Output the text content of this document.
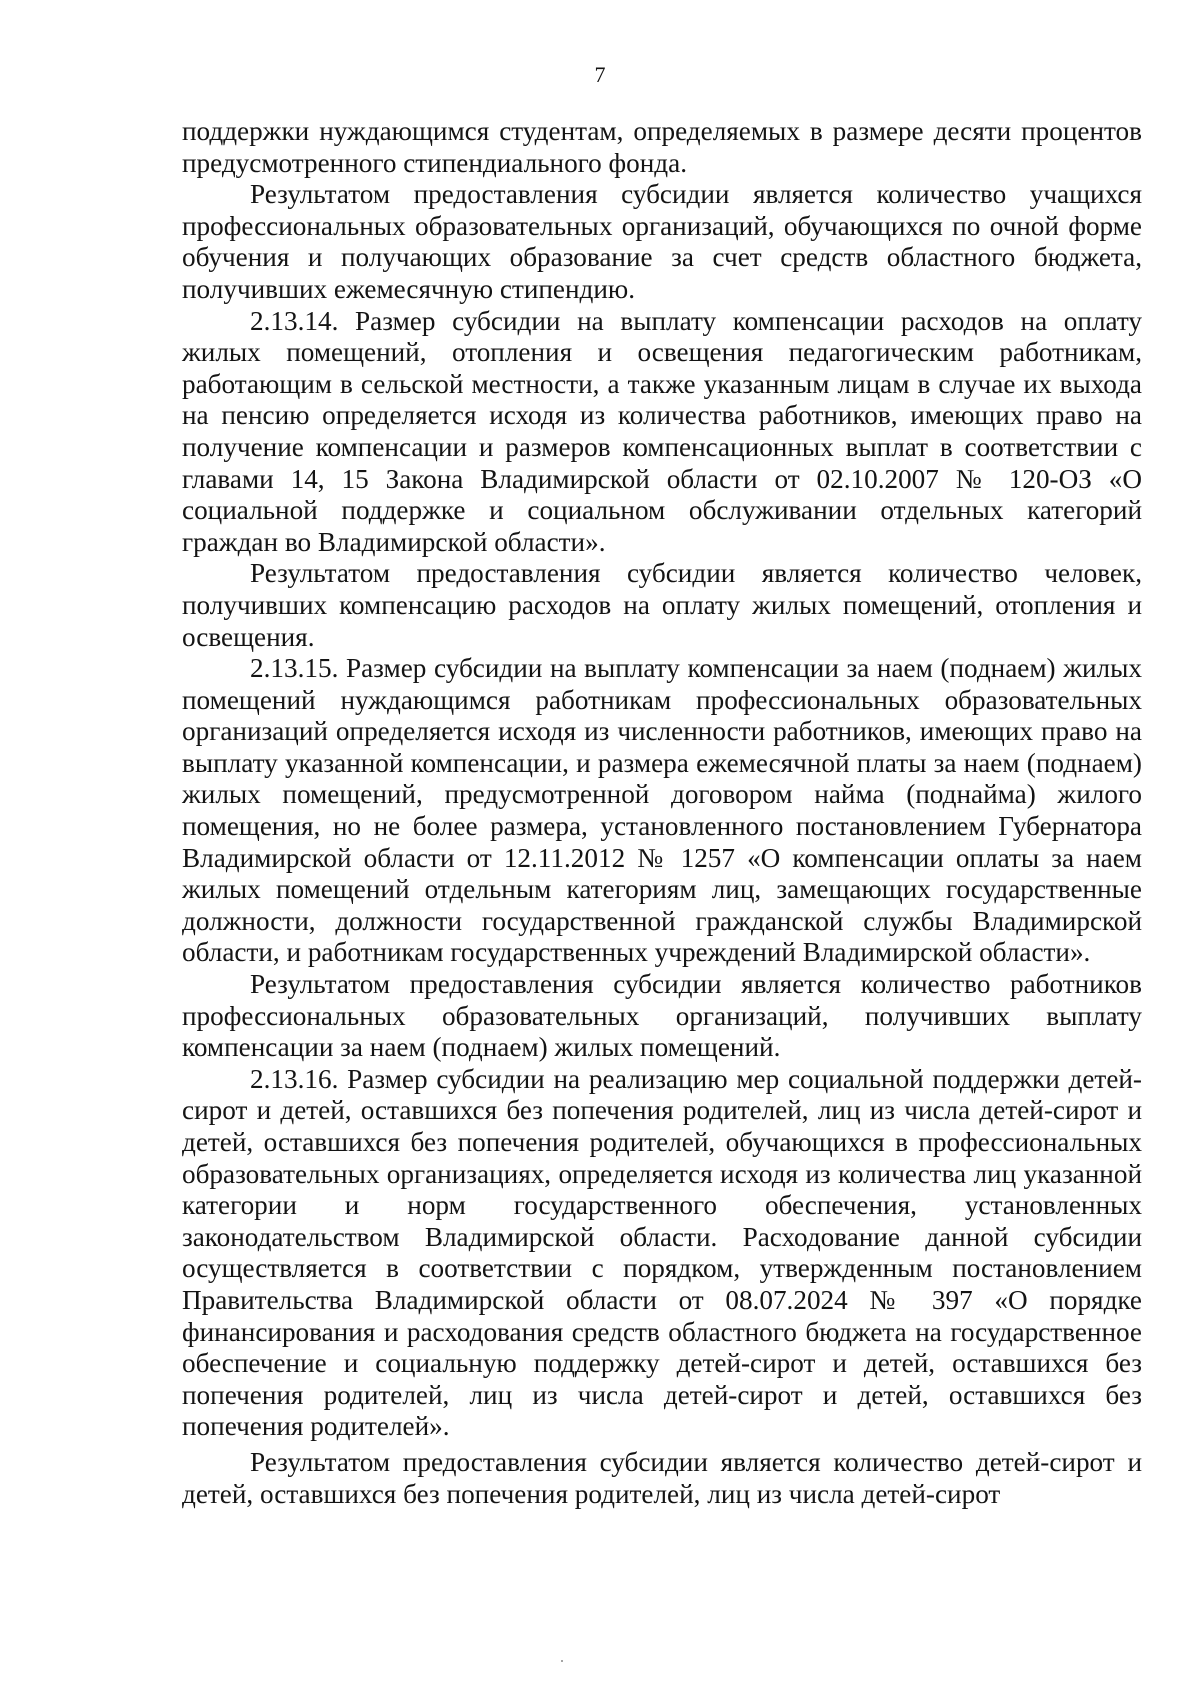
7

поддержки нуждающимся студентам, определяемых в размере десяти процентов предусмотренного стипендиального фонда.

Результатом предоставления субсидии является количество учащихся профессиональных образовательных организаций, обучающихся по очной форме обучения и получающих образование за счет средств областного бюджета, получивших ежемесячную стипендию.

2.13.14. Размер субсидии на выплату компенсации расходов на оплату жилых помещений, отопления и освещения педагогическим работникам, работающим в сельской местности, а также указанным лицам в случае их выхода на пенсию определяется исходя из количества работников, имеющих право на получение компенсации и размеров компенсационных выплат в соответствии с главами 14, 15 Закона Владимирской области от 02.10.2007 № 120-ОЗ «О социальной поддержке и социальном обслуживании отдельных категорий граждан во Владимирской области».

Результатом предоставления субсидии является количество человек, получивших компенсацию расходов на оплату жилых помещений, отопления и освещения.

2.13.15. Размер субсидии на выплату компенсации за наем (поднаем) жилых помещений нуждающимся работникам профессиональных образовательных организаций определяется исходя из численности работников, имеющих право на выплату указанной компенсации, и размера ежемесячной платы за наем (поднаем) жилых помещений, предусмотренной договором найма (поднайма) жилого помещения, но не более размера, установленного постановлением Губернатора Владимирской области от 12.11.2012 № 1257 «О компенсации оплаты за наем жилых помещений отдельным категориям лиц, замещающих государственные должности, должности государственной гражданской службы Владимирской области, и работникам государственных учреждений Владимирской области».

Результатом предоставления субсидии является количество работников профессиональных образовательных организаций, получивших выплату компенсации за наем (поднаем) жилых помещений.

2.13.16. Размер субсидии на реализацию мер социальной поддержки детей-сирот и детей, оставшихся без попечения родителей, лиц из числа детей-сирот и детей, оставшихся без попечения родителей, обучающихся в профессиональных образовательных организациях, определяется исходя из количества лиц указанной категории и норм государственного обеспечения, установленных законодательством Владимирской области. Расходование данной субсидии осуществляется в соответствии с порядком, утвержденным постановлением Правительства Владимирской области от 08.07.2024 № 397 «О порядке финансирования и расходования средств областного бюджета на государственное обеспечение и социальную поддержку детей-сирот и детей, оставшихся без попечения родителей, лиц из числа детей-сирот и детей, оставшихся без попечения родителей».

Результатом предоставления субсидии является количество детей-сирот и детей, оставшихся без попечения родителей, лиц из числа детей-сирот
